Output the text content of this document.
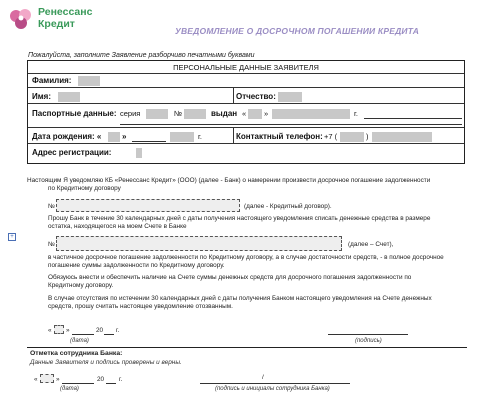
Ренессанс
Кредит
УВЕДОМЛЕНИЕ О ДОСРОЧНОМ ПОГАШЕНИИ КРЕДИТА
Пожалуйста, заполните Заявление разборчиво печатными буквами
ПЕРСОНАЛЬНЫЕ ДАННЫЕ ЗАЯВИТЕЛЯ
Фамилия:
Имя:	Отчество:
Паспортные данные: серия	№	выдан « »	г.
Дата рождения: «	»	г.	Контактный телефон: +7 (	)
Адрес регистрации:
Настоящим Я уведомляю КБ «Ренессанс Кредит» (ООО) (далее - Банк) о намерении произвести досрочное погашение задолженности
по Кредитному договору
№	(далее - Кредитный договор).
Прошу Банк в течение 30 календарных дней с даты получения настоящего уведомления списать денежные средства в размере
остатка, находящегося на моем Счете в Банке
+
№	(далее – Счет),
в частичное досрочное погашение задолженности по Кредитному договору, а в случае достаточности средств, - в полное досрочное
погашение суммы задолженности по Кредитному договору.
Обязуюсь внести и обеспечить наличие на Счете суммы денежных средств для досрочного погашения задолженности по
Кредитному договору.
В случае отсутствия по истечении 30 календарных дней с даты получения Банком настоящего уведомления на Счете денежных
средств, прошу считать настоящее уведомление отозванным.
« »	20 г.
(дата)	(подпись)
Отметка сотрудника Банка:
Данные Заявителя и подпись проверены и верны.
«	»	20 г.
(дата)
/
(подпись и инициалы сотрудника Банка)
